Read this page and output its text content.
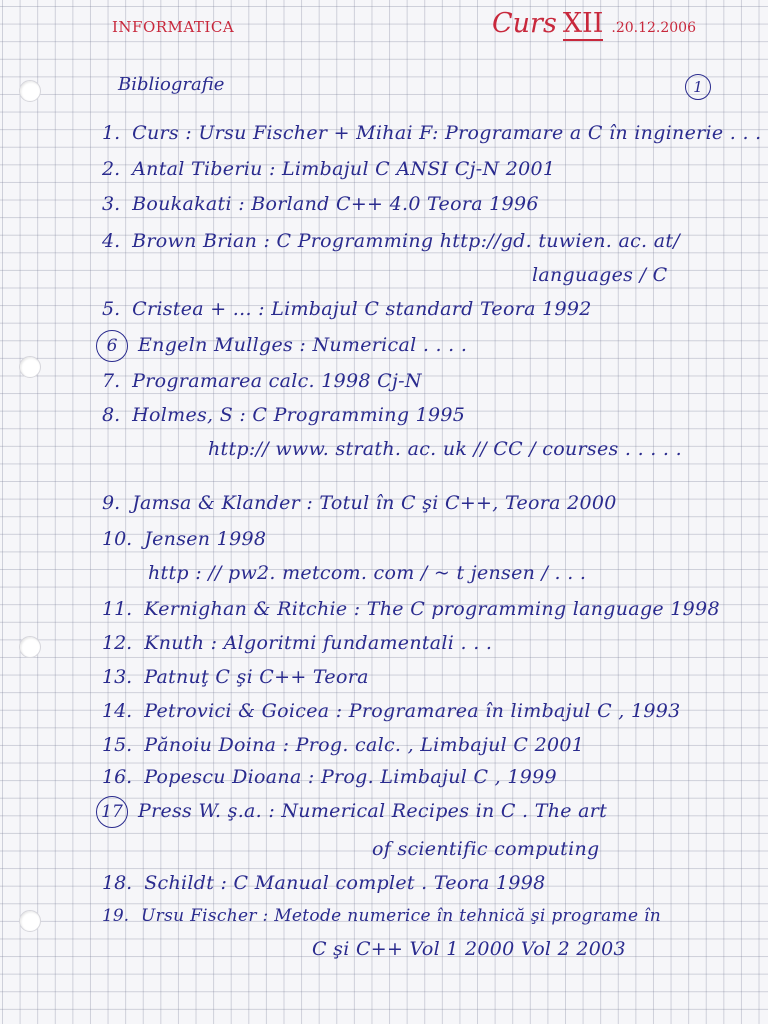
INFORMATICA	Curs XII .20.12.2006
Bibliografie	1
1. Curs : Ursu Fischer + Mihai F: Programare a C în inginerie . . .
2. Antal Tiberiu : Limbajul C ANSI Cj-N 2001
3. Boukakati : Borland C++ 4.0 Teora 1996
4. Brown Brian : C Programming http://gd. tuwien. ac. at/
languages / C
5. Cristea + ... : Limbajul C standard Teora 1992
6 Engeln Mullges : Numerical . . . .
7. Programarea calc. 1998 Cj-N
8. Holmes, S : C Programming 1995
http:// www. strath. ac. uk // CC / courses . . . . .
9. Jamsa & Klander : Totul în C şi C++, Teora 2000
10. Jensen 1998
http : // pw2. metcom. com / ~ t jensen / . . .
11. Kernighan & Ritchie : The C programming language 1998
12. Knuth : Algoritmi fundamentali . . .
13. Patnuţ C şi C++ Teora
14. Petrovici & Goicea : Programarea în limbajul C , 1993
15. Pănoiu Doina : Prog. calc. , Limbajul C 2001
16. Popescu Dioana : Prog. Limbajul C , 1999
17 Press W. ş.a. : Numerical Recipes in C . The art
of scientific computing
18. Schildt : C Manual complet . Teora 1998
19. Ursu Fischer : Metode numerice în tehnică şi programe în
C şi C++ Vol 1 2000 Vol 2 2003
